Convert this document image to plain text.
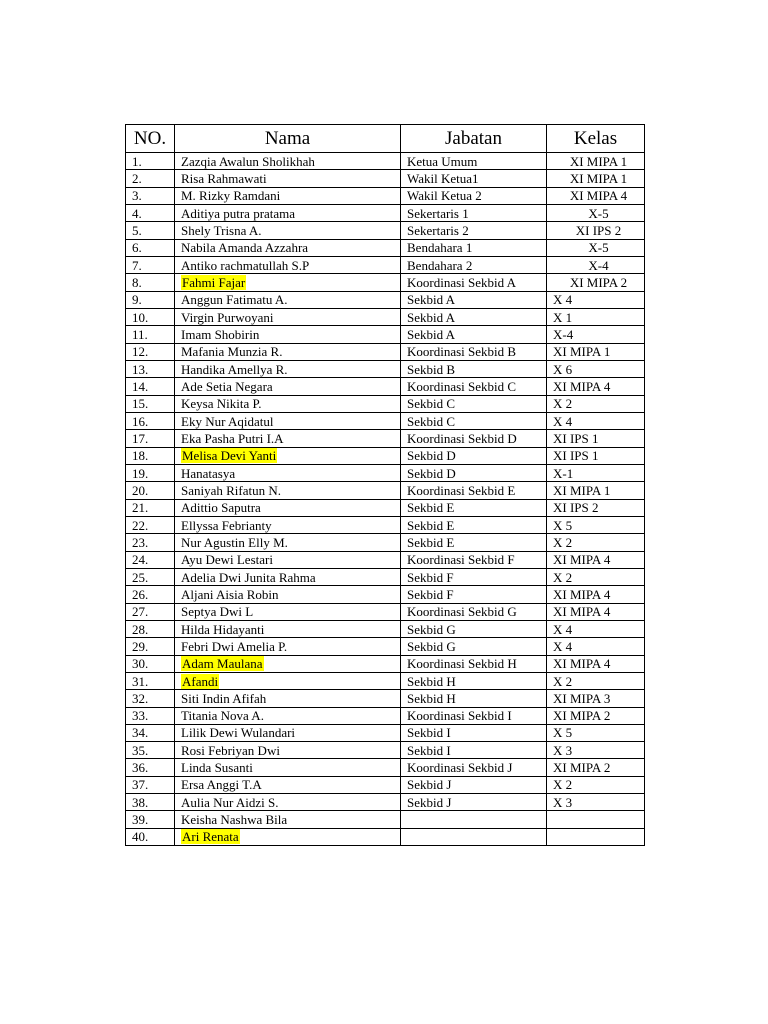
NO.	Nama	Jabatan	Kelas
1.	Zazqia Awalun Sholikhah	Ketua Umum	XI MIPA 1
2.	Risa Rahmawati	Wakil Ketua1	XI MIPA 1
3.	M. Rizky Ramdani	Wakil Ketua 2	XI MIPA 4
4.	Aditiya putra pratama	Sekertaris 1	X-5
5.	Shely Trisna A.	Sekertaris 2	XI IPS 2
6.	Nabila Amanda Azzahra	Bendahara 1	X-5
7.	Antiko rachmatullah S.P	Bendahara 2	X-4
8.	Fahmi Fajar	Koordinasi Sekbid A	XI MIPA 2
9.	Anggun Fatimatu A.	Sekbid A	X 4
10.	Virgin Purwoyani	Sekbid A	X 1
11.	Imam Shobirin	Sekbid A	X-4
12.	Mafania Munzia R.	Koordinasi Sekbid B	XI MIPA 1
13.	Handika Amellya R.	Sekbid B	X 6
14.	Ade Setia Negara	Koordinasi Sekbid C	XI MIPA 4
15.	Keysa Nikita P.	Sekbid C	X 2
16.	Eky Nur Aqidatul	Sekbid C	X 4
17.	Eka Pasha Putri I.A	Koordinasi Sekbid D	XI IPS 1
18.	Melisa Devi Yanti	Sekbid D	XI IPS 1
19.	Hanatasya	Sekbid D	X-1
20.	Saniyah Rifatun N.	Koordinasi Sekbid E	XI MIPA 1
21.	Adittio Saputra	Sekbid E	XI IPS 2
22.	Ellyssa Febrianty	Sekbid E	X 5
23.	Nur Agustin Elly M.	Sekbid E	X 2
24.	Ayu Dewi Lestari	Koordinasi Sekbid F	XI MIPA 4
25.	Adelia Dwi Junita Rahma	Sekbid F	X 2
26.	Aljani Aisia Robin	Sekbid F	XI MIPA 4
27.	Septya Dwi L	Koordinasi Sekbid G	XI MIPA 4
28.	Hilda Hidayanti	Sekbid G	X 4
29.	Febri Dwi Amelia P.	Sekbid G	X 4
30.	Adam Maulana	Koordinasi Sekbid H	XI MIPA 4
31.	Afandi	Sekbid H	X 2
32.	Siti Indin Afifah	Sekbid H	XI MIPA 3
33.	Titania Nova A.	Koordinasi Sekbid I	XI MIPA 2
34.	Lilik Dewi Wulandari	Sekbid I	X 5
35.	Rosi Febriyan Dwi	Sekbid I	X 3
36.	Linda Susanti	Koordinasi Sekbid J	XI MIPA 2
37.	Ersa Anggi T.A	Sekbid J	X 2
38.	Aulia Nur Aidzi S.	Sekbid J	X 3
39.	Keisha Nashwa Bila		
40.	Ari Renata		
